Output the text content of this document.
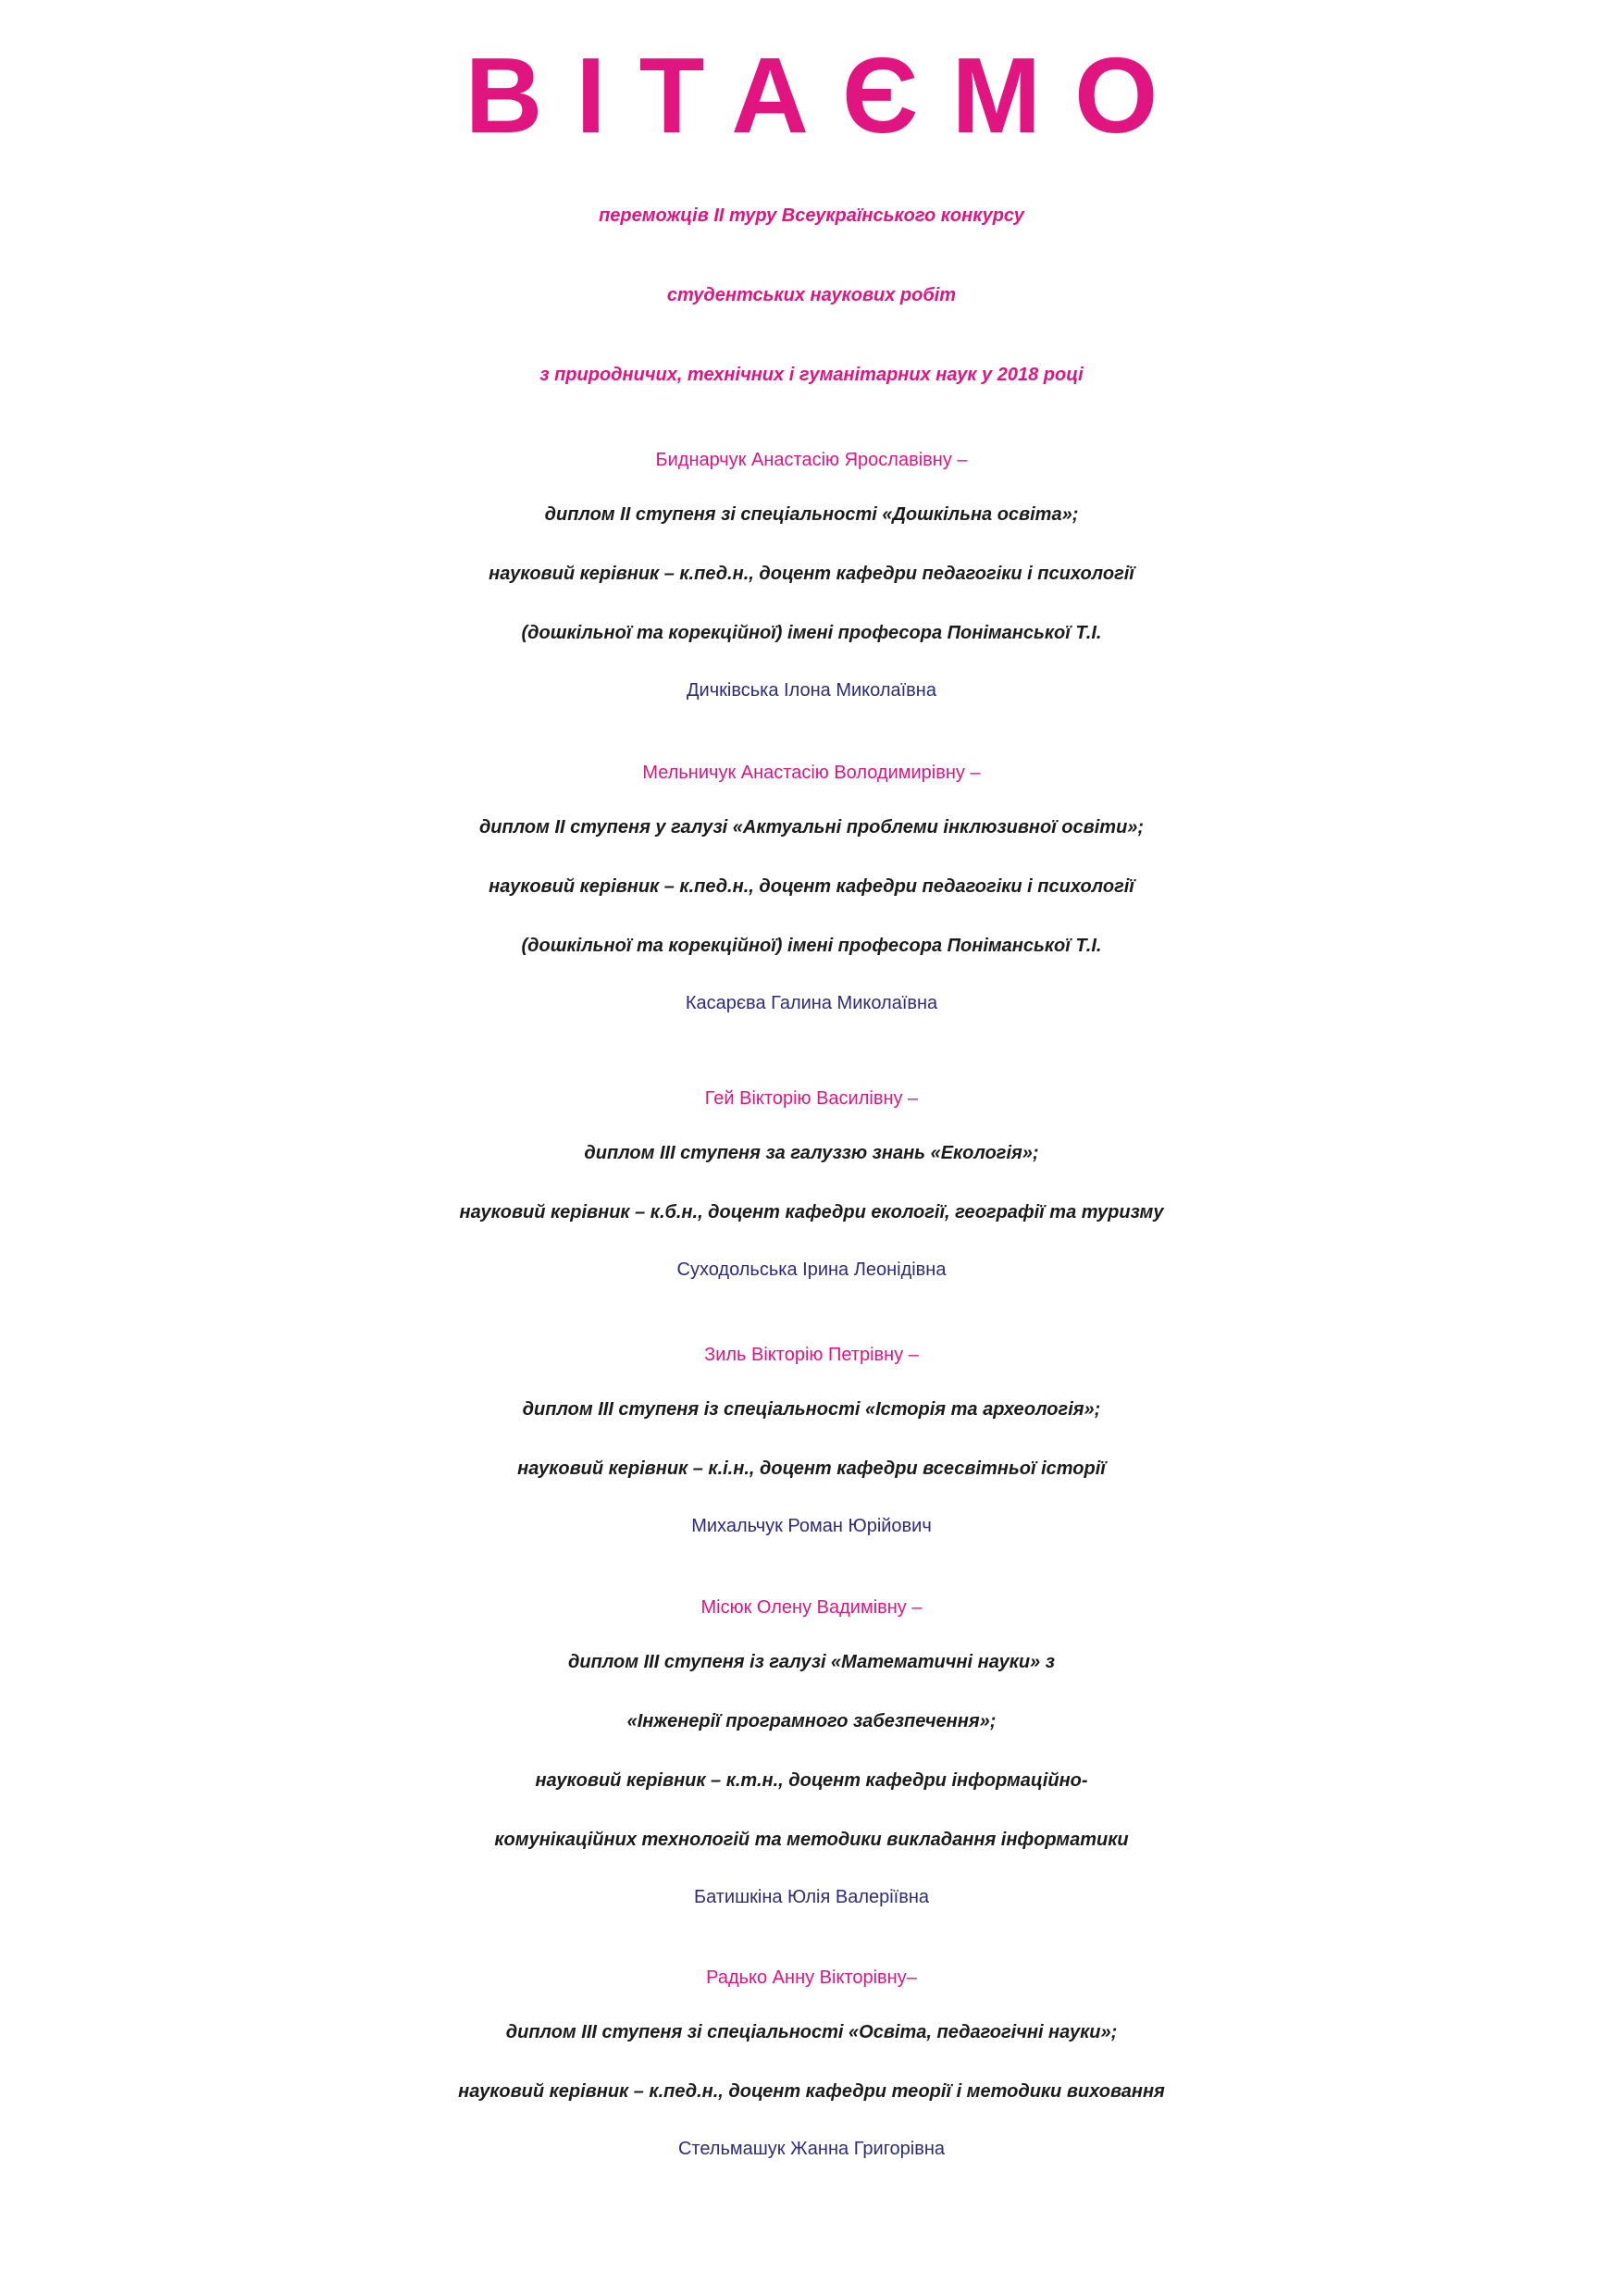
ВІТАЄМО
переможців ІІ туру Всеукраїнського конкурсу
студентських наукових робіт
з природничих, технічних і гуманітарних наук у 2018 році
Биднарчук Анастасію Ярославівну –
диплом ІІ ступеня зі спеціальності «Дошкільна освіта»;
науковий керівник – к.пед.н., доцент кафедри педагогіки і психології
(дошкільної та корекційної) імені професора Поніманської Т.І.
Дичківська Ілона Миколаївна
Мельничук Анастасію Володимирівну –
диплом ІІ ступеня у галузі «Актуальні проблеми інклюзивної освіти»;
науковий керівник – к.пед.н., доцент кафедри педагогіки і психології
(дошкільної та корекційної) імені професора Поніманської Т.І.
Касарєва Галина Миколаївна
Гей Вікторію Василівну –
диплом ІІІ ступеня за галуззю знань «Екологія»;
науковий керівник – к.б.н., доцент кафедри екології, географії та туризму
Суходольська Ірина Леонідівна
Зиль Вікторію Петрівну –
диплом ІІІ ступеня із спеціальності «Історія та археологія»;
науковий керівник – к.і.н., доцент кафедри всесвітньої історії
Михальчук Роман Юрійович
Місюк Олену Вадимівну –
диплом ІІІ ступеня із галузі «Математичні науки» з
«Інженерії програмного забезпечення»;
науковий керівник – к.т.н., доцент кафедри інформаційно-
комунікаційних технологій та методики викладання інформатики
Батишкіна Юлія Валеріївна
Радько Анну Вікторівну–
диплом ІІІ ступеня зі спеціальності «Освіта, педагогічні науки»;
науковий керівник – к.пед.н., доцент кафедри теорії і методики виховання
Стельмашук Жанна Григорівна
